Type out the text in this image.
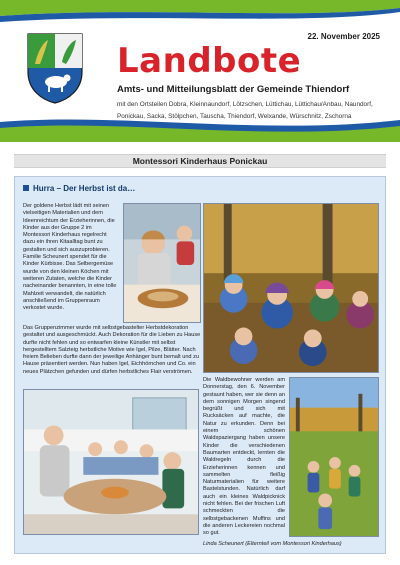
22. November 2025
Landbote
Amts- und Mitteilungsblatt der Gemeinde Thiendorf
mit den Ortsteilen Dobra, Kleinnaundorf, Lötzschen, Lüttichau, Lüttichau/Anbau, Naundorf, Ponickau, Sacka, Stölpchen, Tauscha, Thiendorf, Welxande, Würschnitz, Zschorna
Montessori Kinderhaus Ponickau
Hurra – Der Herbst ist da…
Der goldene Herbst lädt mit seinen vielseitigen Materialien und dem Ideenreichtum der Erzieherinnen, die Kinder aus der Gruppe 2 im Montessori Kinderhaus regelrecht dazu ein ihren Kitaalltag bunt zu gestalten und sich auszuprobieren. Familie Scheunert spendet für die Kinder Kürbisse. Das Selbergemüse wurde von den kleinen Köchen mit weiteren Zutaten, welche die Kinder nacheinander benannten, in eine tolle Mahlzeit verwandelt, die natürlich anschließend im Gruppenraum verkostet wurde.
Das Gruppenzimmer wurde mit selbstgebastelter Herbstdekoration gestaltet und ausgeschmückt. Auch Dekoration für die Lieben zu Hause durfte nicht fehlen und so entwarfen kleine Künstler mit selbst hergestelltem Salzteig herbstliche Motive wie Igel, Pilze, Blätter. Nach freiem Belieben durfte dann der jeweilige Anhänger bunt bemalt und zu Hause präsentiert werden. Nun haben Igel, Eichhörnchen und Co. ein neues Plätzchen gefunden und dürfen herbstliches Flair verströmen.
Die Waldbewohner werden am Donnerstag, den 6. November gestaunt haben, wer sie denn an dem sonnigen Morgen singend begrüßt und sich mit Rucksäcken auf machte, die Natur zu erkunden. Denn bei einem schönen Waldspaziergang haben unsere Kinder die verschiedenen Baumarten entdeckt, lernten die Waldregeln durch die Erzieherinnen kennen und sammelten fleißig Naturmaterialien für weitere Bastelstunden. Natürlich darf auch ein kleines Waldpicknick nicht fehlen. Bei der frischen Luft schmeckten die selbstgebackenen Muffins und die anderen Leckereien nochmal so gut.
Linda Scheunert (Elternteil vom Montessori Kinderhaus)
